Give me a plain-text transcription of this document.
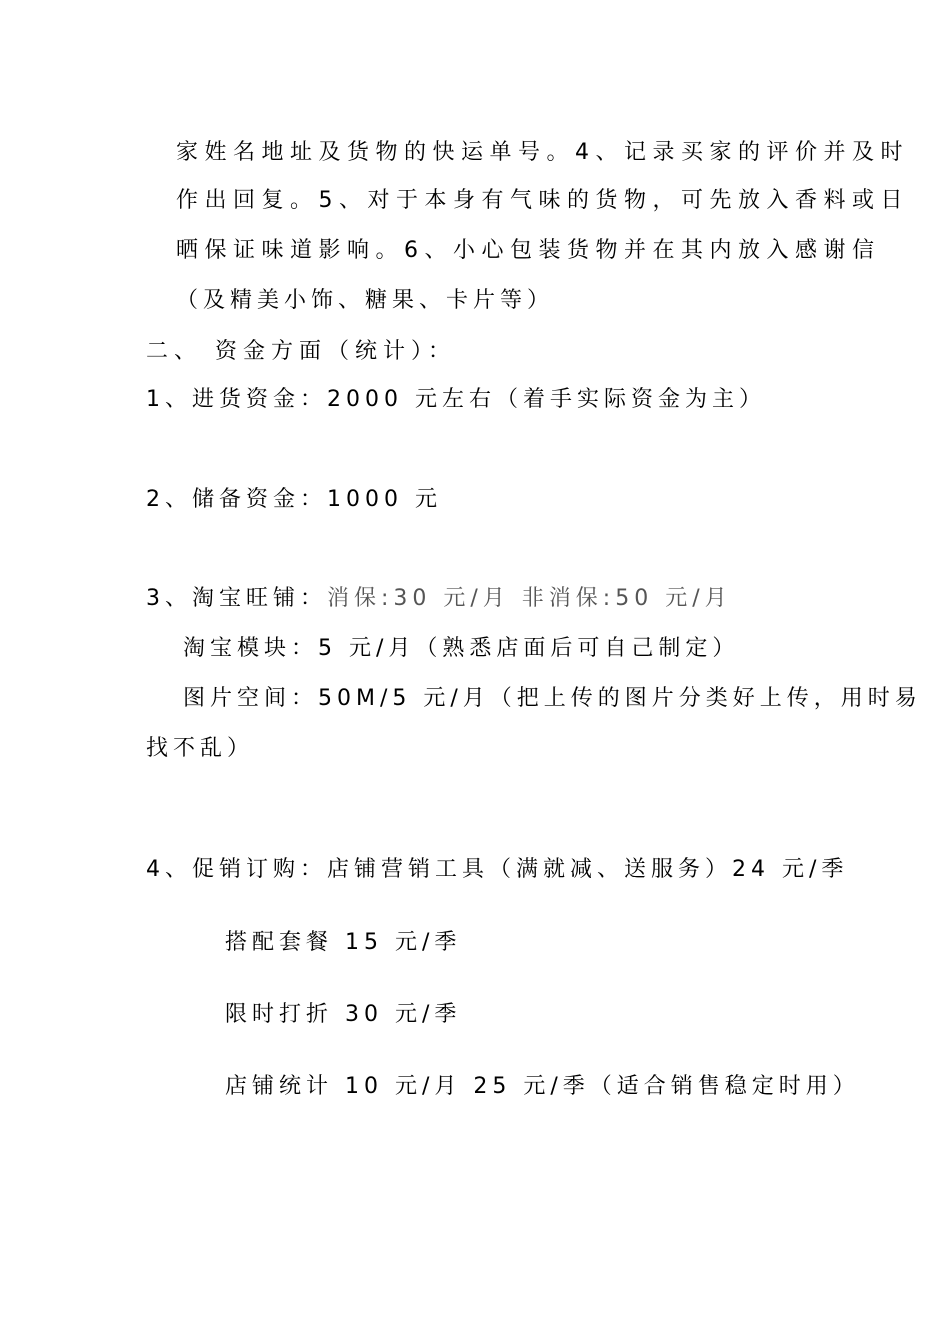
家姓名地址及货物的快运单号。4、记录买家的评价并及时
作出回复。5、对于本身有气味的货物，可先放入香料或日
晒保证味道影响。6、小心包装货物并在其内放入感谢信
（及精美小饰、糖果、卡片等）
二、 资金方面（统计）：
1、进货资金：2000 元左右（着手实际资金为主）
2、储备资金：1000 元
3、淘宝旺铺：消保:30 元/月 非消保:50 元/月
淘宝模块：5 元/月（熟悉店面后可自己制定）
图片空间：50M/5 元/月（把上传的图片分类好上传，用时易
找不乱）
4、促销订购：店铺营销工具（满就减、送服务）24 元/季
搭配套餐 15 元/季
限时打折 30 元/季
店铺统计 10 元/月 25 元/季（适合销售稳定时用）
